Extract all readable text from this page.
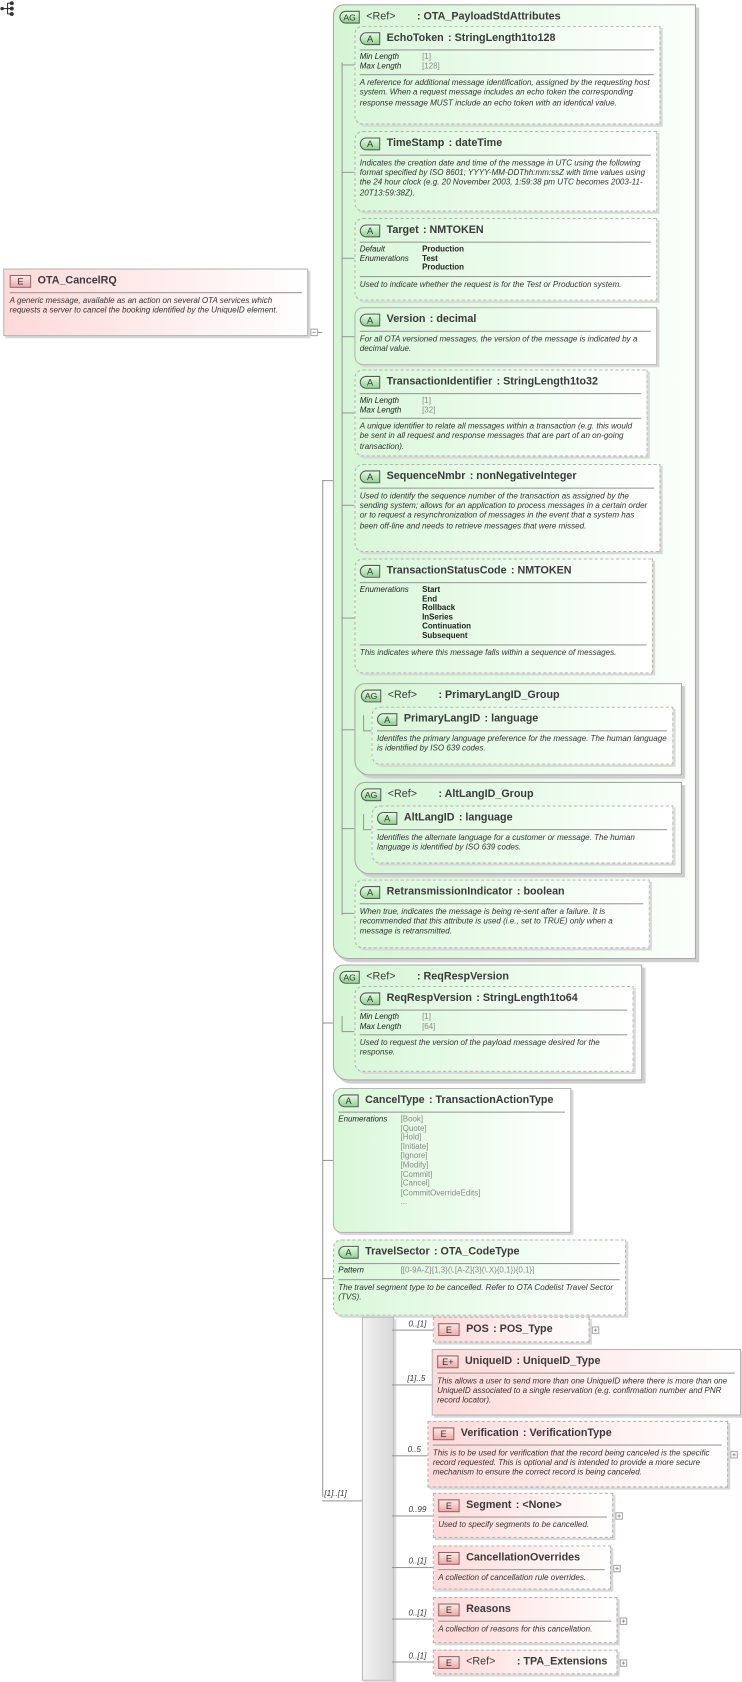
E	OTA_CancelRQ
A generic message, available as an action on several OTA services which requests a server to cancel the booking identified by the UniqueID element.
AG	<Ref>	: OTA_PayloadStdAttributes
A	EchoToken	: StringLength1to128
Min Length	[1]
Max Length	[128]
A reference for additional message identification, assigned by the requesting host system. When a request message includes an echo token the corresponding response message MUST include an echo token with an identical value.
A	TimeStamp	: dateTime
Indicates the creation date and time of the message in UTC using the following format specified by ISO 8601; YYYY-MM-DDThh:mm:ssZ with time values using the 24 hour clock (e.g. 20 November 2003, 1:59:38 pm UTC becomes 2003-11-20T13:59:38Z).
A	Target	: NMTOKEN
Default	Production
Enumerations	Test
Production
Used to indicate whether the request is for the Test or Production system.
A	Version	: decimal
For all OTA versioned messages, the version of the message is indicated by a decimal value.
A	TransactionIdentifier	: StringLength1to32
Min Length	[1]
Max Length	[32]
A unique identifier to relate all messages within a transaction (e.g. this would be sent in all request and response messages that are part of an on-going transaction).
A	SequenceNmbr	: nonNegativeInteger
Used to identify the sequence number of the transaction as assigned by the sending system; allows for an application to process messages in a certain order or to request a resynchronization of messages in the event that a system has been off-line and needs to retrieve messages that were missed.
A	TransactionStatusCode	: NMTOKEN
Enumerations	Start
End
Rollback
InSeries
Continuation
Subsequent
This indicates where this message falls within a sequence of messages.
A	RetransmissionIndicator	: boolean
When true, indicates the message is being re-sent after a failure. It is recommended that this attribute is used (i.e., set to TRUE) only when a message is retransmitted.
AG	<Ref>	: PrimaryLangID_Group
A	PrimaryLangID	: language
Identifes the primary language preference for the message. The human language is identified by ISO 639 codes.
AG	<Ref>	: AltLangID_Group
A	AltLangID	: language
Identifies the alternate language for a customer or message. The human language is identified by ISO 639 codes.
AG	<Ref>	: ReqRespVersion
A	ReqRespVersion	: StringLength1to64
Min Length	[1]
Max Length	[64]
Used to request the version of the payload message desired for the response.
A	CancelType	: TransactionActionType
Enumerations	[Book]
[Quote]
[Hold]
[Initiate]
[Ignore]
[Modify]
[Commit]
[Cancel]
[CommitOverrideEdits]
...
A	TravelSector	: OTA_CodeType
Pattern	[[0-9A-Z]{1,3}(\.[A-Z]{3}(\.X){0,1}){0,1}]
The travel segment type to be cancelled. Refer to OTA Codelist Travel Sector (TVS).
[1]..[1]
E	POS	: POS_Type
0..[1]
E+	UniqueID	: UniqueID_Type
This allows a user to send more than one UniqueID where there is more than one UniqueID associated to a single reservation (e.g. confirmation number and PNR record locator).
[1]..5
E	Verification	: VerificationType
This is to be used for verification that the record being canceled is the specific record requested. This is optional and is intended to provide a more secure mechanism to ensure the correct record is being canceled.
0..5
E	Segment	: <None>
Used to specify segments to be cancelled.
0..99
E	CancellationOverrides
A collection of cancellation rule overrides.
0..[1]
E	Reasons
A collection of reasons for this cancellation.
0..[1]
E	<Ref>	: TPA_Extensions
0..[1]
